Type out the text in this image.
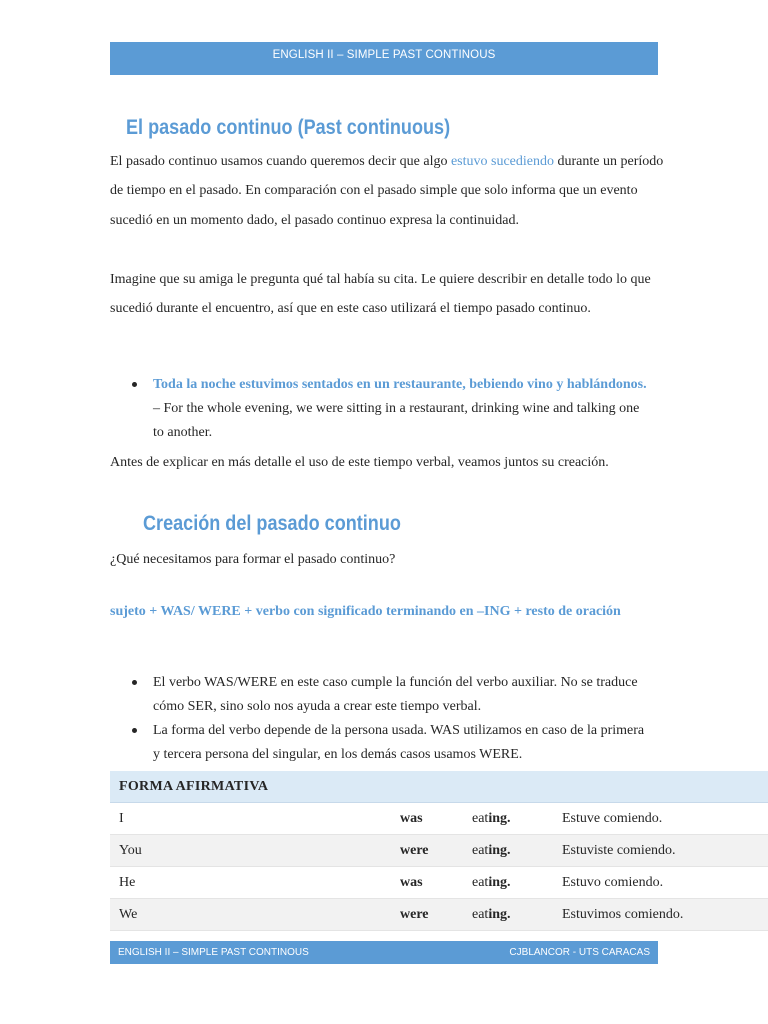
ENGLISH II – SIMPLE PAST CONTINOUS
El pasado continuo (Past continuous)

El pasado continuo usamos cuando queremos decir que algo estuvo sucediendo durante un período de tiempo en el pasado. En comparación con el pasado simple que solo informa que un evento sucedió en un momento dado, el pasado continuo expresa la continuidad.

Imagine que su amiga le pregunta qué tal había su cita. Le quiere describir en detalle todo lo que sucedió durante el encuentro, así que en este caso utilizará el tiempo pasado continuo.

Toda la noche estuvimos sentados en un restaurante, bebiendo vino y hablándonos. – For the whole evening, we were sitting in a restaurant, drinking wine and talking one to another.

Antes de explicar en más detalle el uso de este tiempo verbal, veamos juntos su creación.

Creación del pasado continuo

¿Qué necesitamos para formar el pasado continuo?

sujeto + WAS/ WERE + verbo con significado terminando en –ING + resto de oración

El verbo WAS/WERE en este caso cumple la función del verbo auxiliar. No se traduce cómo SER, sino solo nos ayuda a crear este tiempo verbal.
La forma del verbo depende de la persona usada. WAS utilizamos en caso de la primera y tercera persona del singular, en los demás casos usamos WERE.
FORMA AFIRMATIVA			
I	was	eating.	Estuve comiendo.
You	were	eating.	Estuviste comiendo.
He	was	eating.	Estuvo comiendo.
We	were	eating.	Estuvimos comiendo.
ENGLISH II – SIMPLE PAST CONTINOUS	CJBLANCOR - UTS CARACAS
